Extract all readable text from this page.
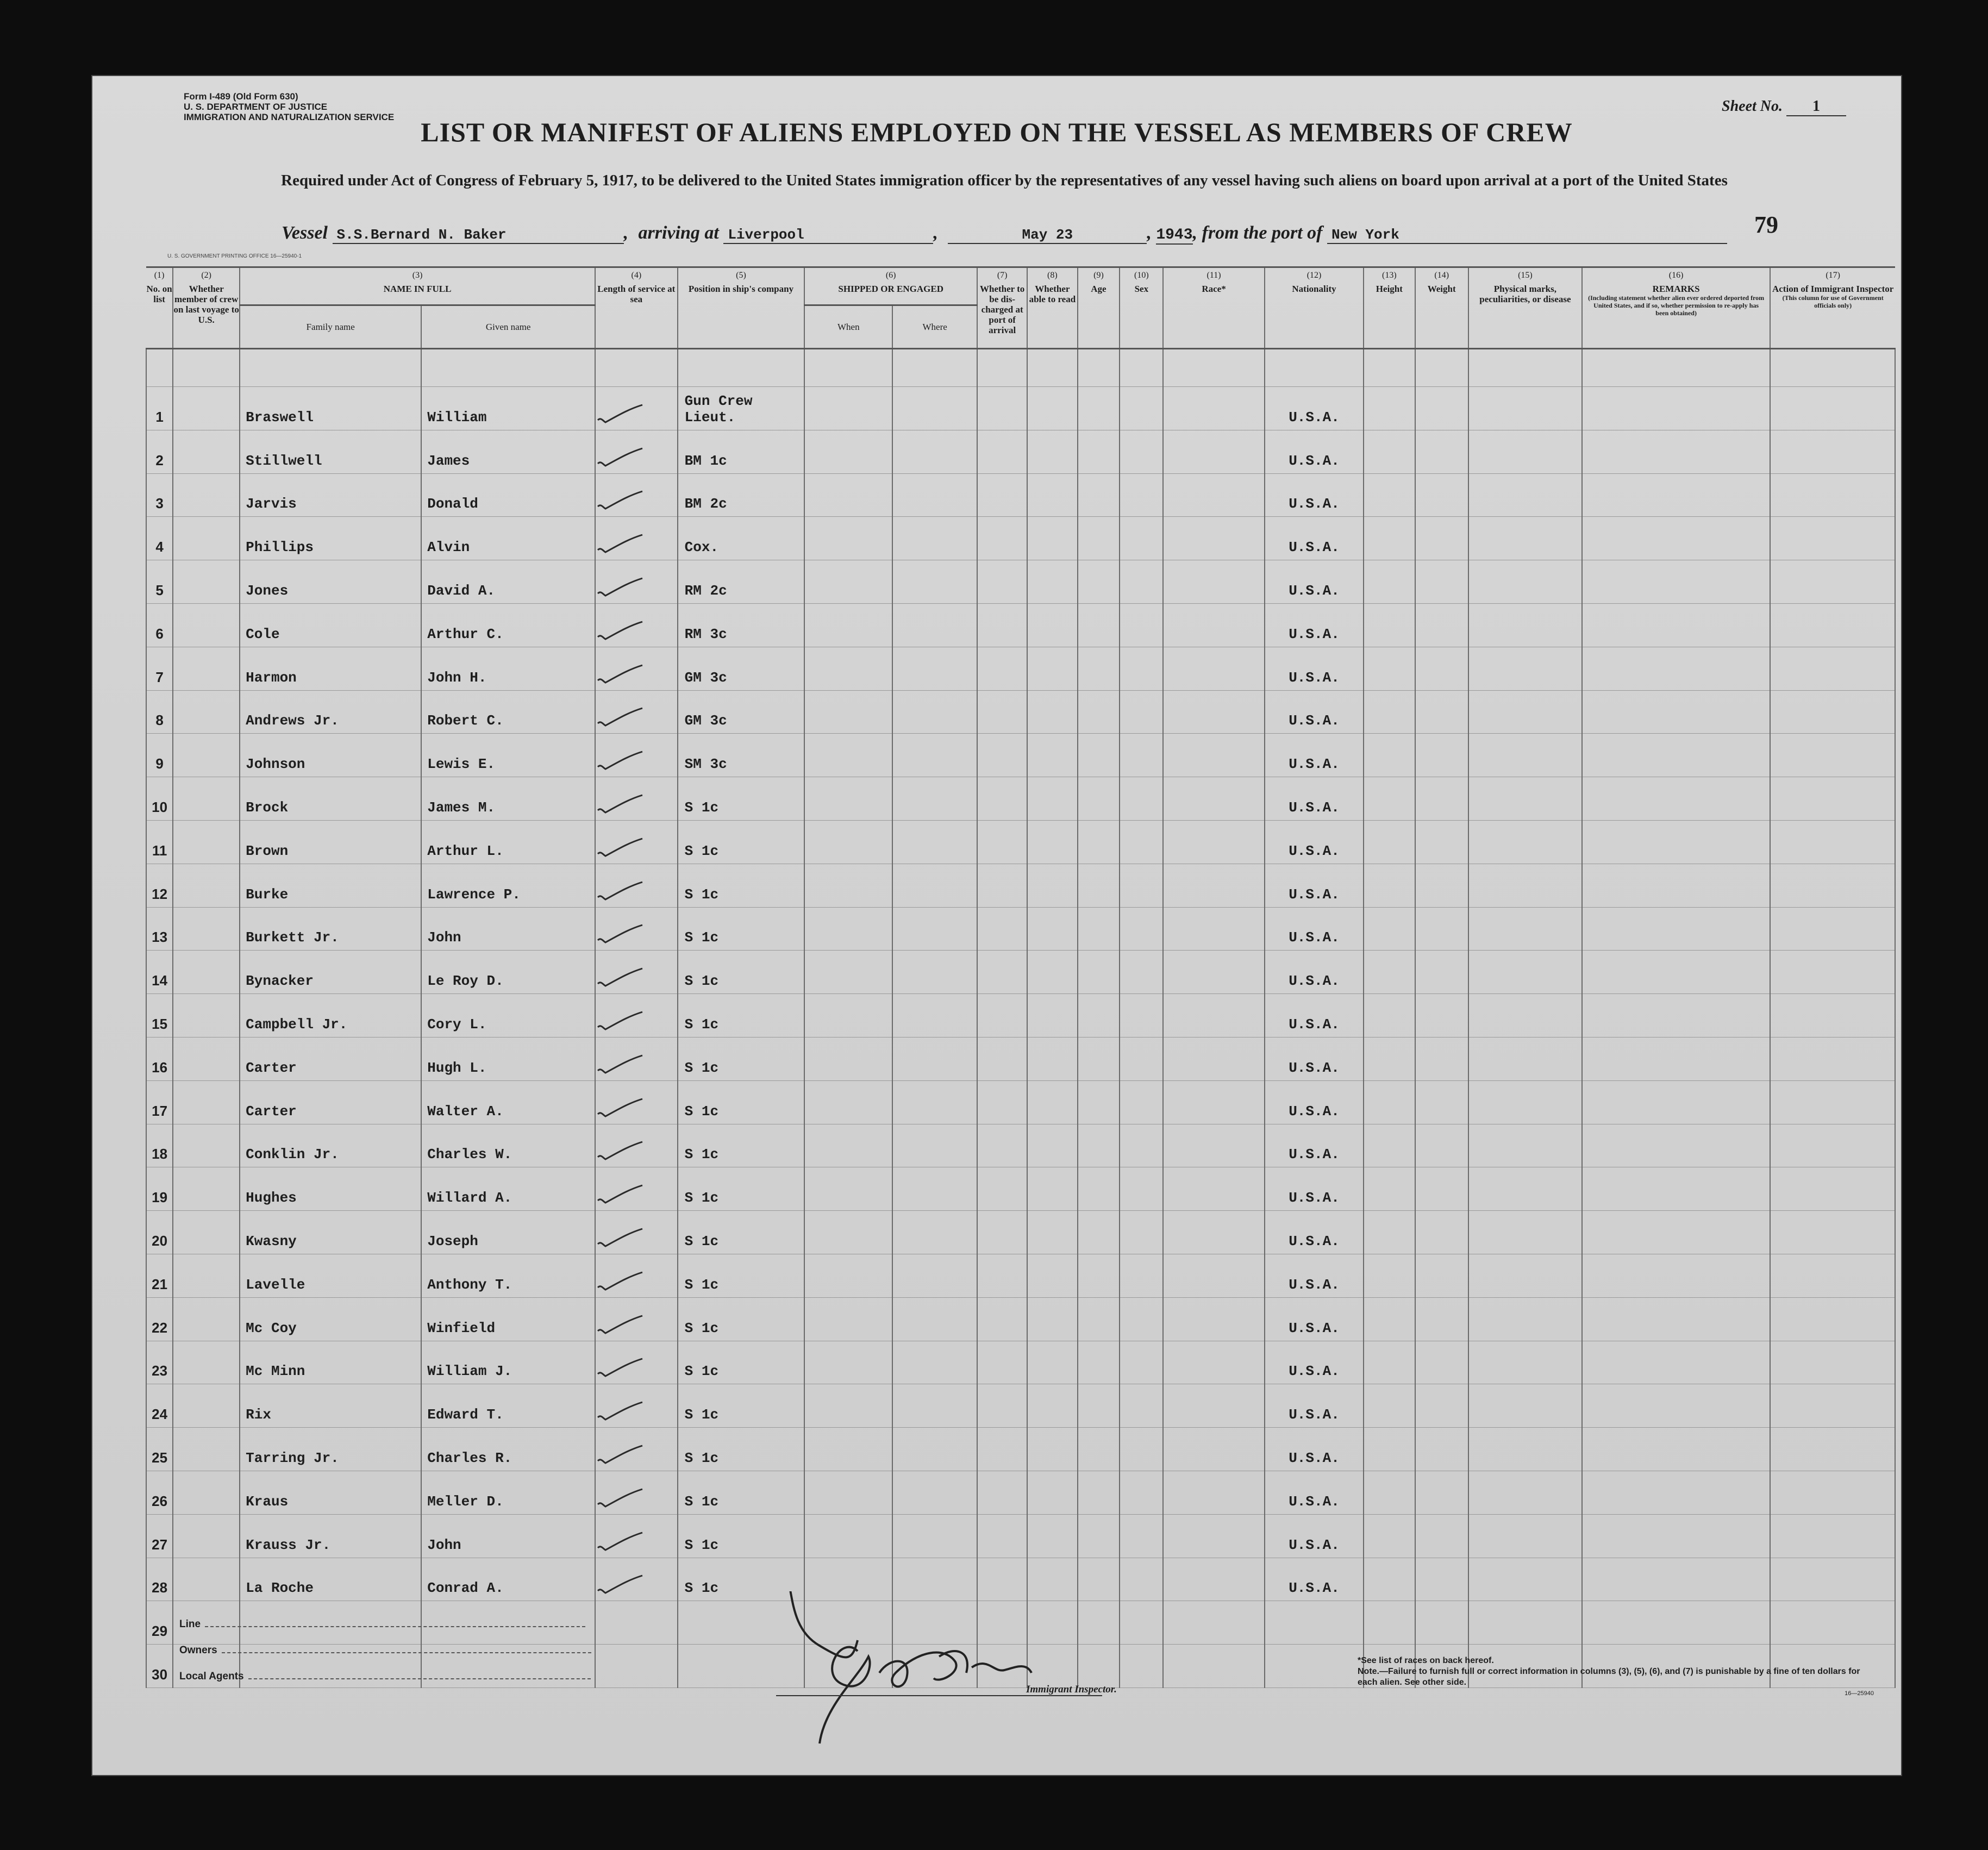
Form I-489 (Old Form 630)
U. S. DEPARTMENT OF JUSTICE
IMMIGRATION AND NATURALIZATION SERVICE
Sheet No. 1
LIST OR MANIFEST OF ALIENS EMPLOYED ON THE VESSEL AS MEMBERS OF CREW
Required under Act of Congress of February 5, 1917, to be delivered to the United States immigration officer by the representatives of any vessel having such aliens on board upon arrival at a port of the United States
79
Vessel S.S.Bernard N. Baker	, arriving at Liverpool	,	May 23	, 1943, from the port of New York
U. S. GOVERNMENT PRINTING OFFICE 16—25940-1
(1)
No. on list	(2)
Whether member of crew on last voyage to U.S.	(3)
NAME IN FULL		(4)
Length of service at sea	(5)
Position in ship's company	(6)
SHIPPED OR ENGAGED		(7)
Whether to be dis-charged at port of arrival	(8)
Whether able to read	(9)
Age	(10)
Sex	(11)
Race*	(12)
Nationality	(13)
Height	(14)
Weight	(15)
Physical marks, peculiarities, or disease	(16)
REMARKS
(Including statement whether alien ever ordered deported from United States, and if so, whether permission to re-apply has been obtained)	(17)
Action of Immigrant Inspector
(This column for use of Government officials only)

		Family name	Given name			When	Where											

1		Braswell	William		Gun Crew Lieut.								U.S.A.					
2		Stillwell	James		BM 1c								U.S.A.					
3		Jarvis	Donald		BM 2c								U.S.A.					
4		Phillips	Alvin		Cox.								U.S.A.					
5		Jones	David A.		RM 2c								U.S.A.					
6		Cole	Arthur C.		RM 3c								U.S.A.					
7		Harmon	John H.		GM 3c								U.S.A.					
8		Andrews Jr.	Robert C.		GM 3c								U.S.A.					
9		Johnson	Lewis E.		SM 3c								U.S.A.					
10		Brock	James M.		S 1c								U.S.A.					
11		Brown	Arthur L.		S 1c								U.S.A.					
12		Burke	Lawrence P.		S 1c								U.S.A.					
13		Burkett Jr.	John		S 1c								U.S.A.					
14		Bynacker	Le Roy D.		S 1c								U.S.A.					
15		Campbell Jr.	Cory L.		S 1c								U.S.A.					
16		Carter	Hugh L.		S 1c								U.S.A.					
17		Carter	Walter A.		S 1c								U.S.A.					
18		Conklin Jr.	Charles W.		S 1c								U.S.A.					
19		Hughes	Willard A.		S 1c								U.S.A.					
20		Kwasny	Joseph		S 1c								U.S.A.					
21		Lavelle	Anthony T.		S 1c								U.S.A.					
22		Mc Coy	Winfield		S 1c								U.S.A.					
23		Mc Minn	William J.		S 1c								U.S.A.					
24		Rix	Edward T.		S 1c								U.S.A.					
25		Tarring Jr.	Charles R.		S 1c								U.S.A.					
26		Kraus	Meller D.		S 1c								U.S.A.					
27		Krauss Jr.	John		S 1c								U.S.A.					
28		La Roche	Conrad A.		S 1c								U.S.A.					
29																		
30																		
Line
Owners
Local Agents
Immigrant Inspector.
*See list of races on back hereof.
Note.—Failure to furnish full or correct information in columns (3), (5), (6), and (7) is punishable by a fine of ten dollars for each alien. See other side.
16—25940
